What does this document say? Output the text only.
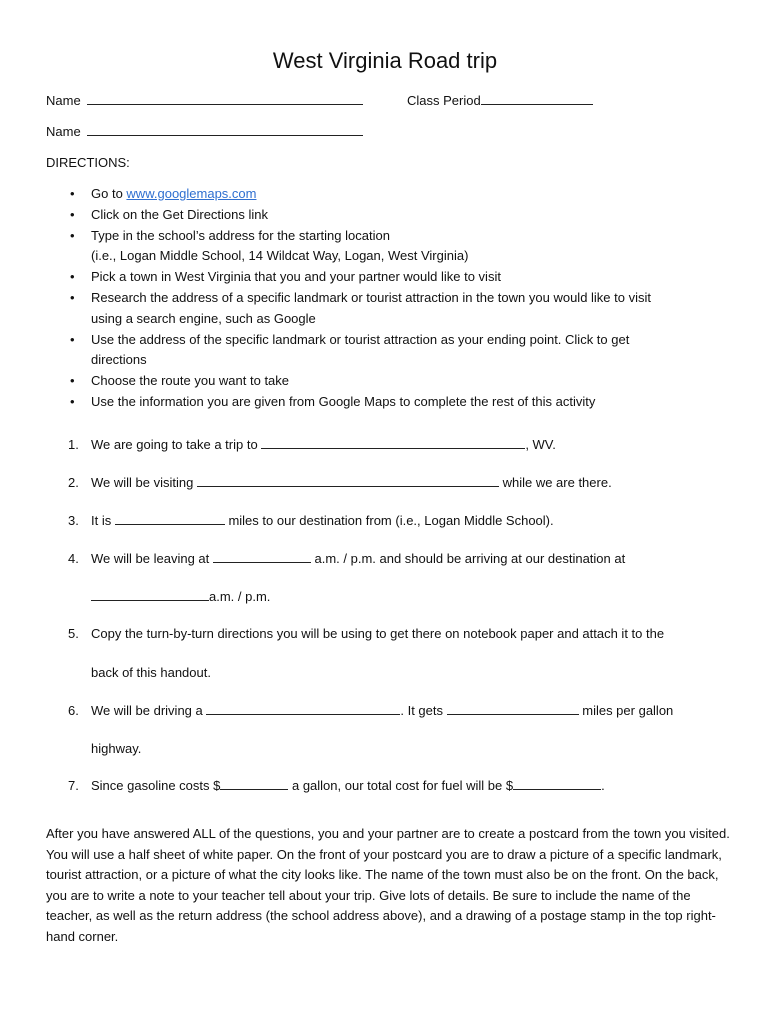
West Virginia Road trip
Name	Class Period
Name
DIRECTIONS:
• Go to www.googlemaps.com
• Click on the Get Directions link
• Type in the school’s address for the starting location
(i.e., Logan Middle School, 14 Wildcat Way, Logan, West Virginia)
• Pick a town in West Virginia that you and your partner would like to visit
• Research the address of a specific landmark or tourist attraction in the town you would like to visit
using a search engine, such as Google
• Use the address of the specific landmark or tourist attraction as your ending point. Click to get
directions
• Choose the route you want to take
• Use the information you are given from Google Maps to complete the rest of this activity
1. We are going to take a trip to	, WV.
2. We will be visiting	while we are there.
3. It is	miles to our destination from (i.e., Logan Middle School).
4. We will be leaving at	a.m. / p.m. and should be arriving at our destination at
a.m. / p.m.
5. Copy the turn-by-turn directions you will be using to get there on notebook paper and attach it to the
back of this handout.
6. We will be driving a	. It gets	miles per gallon
highway.
7. Since gasoline costs $	a gallon, our total cost for fuel will be $	.
After you have answered ALL of the questions, you and your partner are to create a postcard from the town you visited. You will use a half sheet of white paper. On the front of your postcard you are to draw a picture of a specific landmark, tourist attraction, or a picture of what the city looks like. The name of the town must also be on the front. On the back, you are to write a note to your teacher tell about your trip. Give lots of details. Be sure to include the name of the teacher, as well as the return address (the school address above), and a drawing of a postage stamp in the top right-hand corner.
